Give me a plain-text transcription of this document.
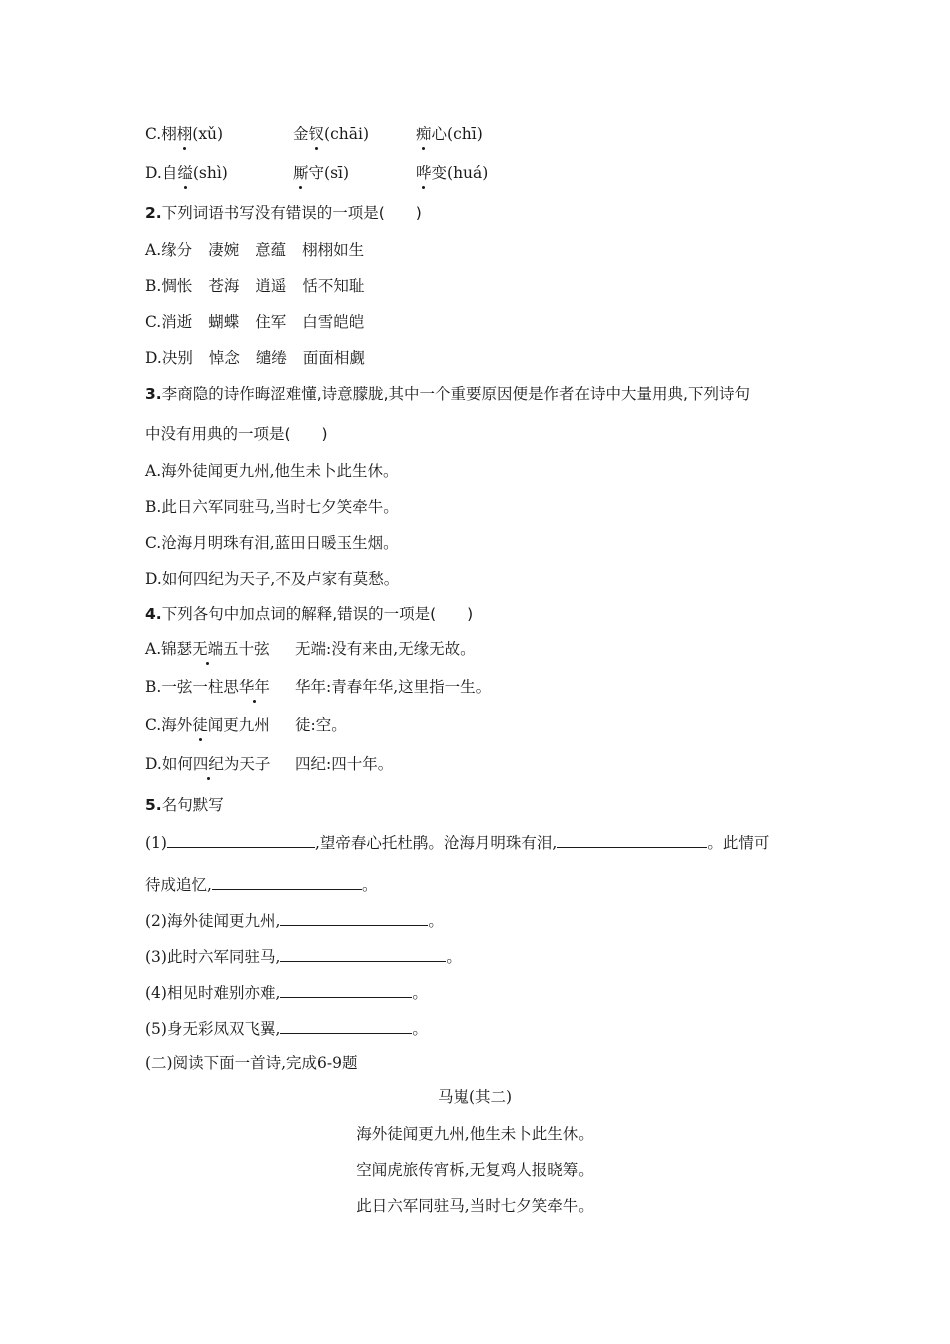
C.栩栩(xǔ)	金钗(chāi)	痴心(chī)
D.自缢(shì)	厮守(sī)	哗变(huá)
2.下列词语书写没有错误的一项是(　　)
A.缘分 凄婉 意蕴 栩栩如生
B.惆怅 苍海 逍遥 恬不知耻
C.消逝 蝴蝶 住军 白雪皑皑
D.决别 悼念 缱绻 面面相觑
3.李商隐的诗作晦涩难懂,诗意朦胧,其中一个重要原因便是作者在诗中大量用典,下列诗句
中没有用典的一项是(　　)
A.海外徒闻更九州,他生未卜此生休。
B.此日六军同驻马,当时七夕笑牵牛。
C.沧海月明珠有泪,蓝田日暖玉生烟。
D.如何四纪为天子,不及卢家有莫愁。
4.下列各句中加点词的解释,错误的一项是(　　)
A.锦瑟无端五十弦 无端:没有来由,无缘无故。
B.一弦一柱思华年 华年:青春年华,这里指一生。
C.海外徒闻更九州 徒:空。
D.如何四纪为天子 四纪:四十年。
5.名句默写
(1)	,望帝春心托杜鹃。沧海月明珠有泪,	。此情可
待成追忆,	。
(2)海外徒闻更九州,	。
(3)此时六军同驻马,	。
(4)相见时难别亦难,	。
(5)身无彩凤双飞翼,	。
(二)阅读下面一首诗,完成6-9题
马嵬(其二)
海外徒闻更九州,他生未卜此生休。
空闻虎旅传宵柝,无复鸡人报晓筹。
此日六军同驻马,当时七夕笑牵牛。
